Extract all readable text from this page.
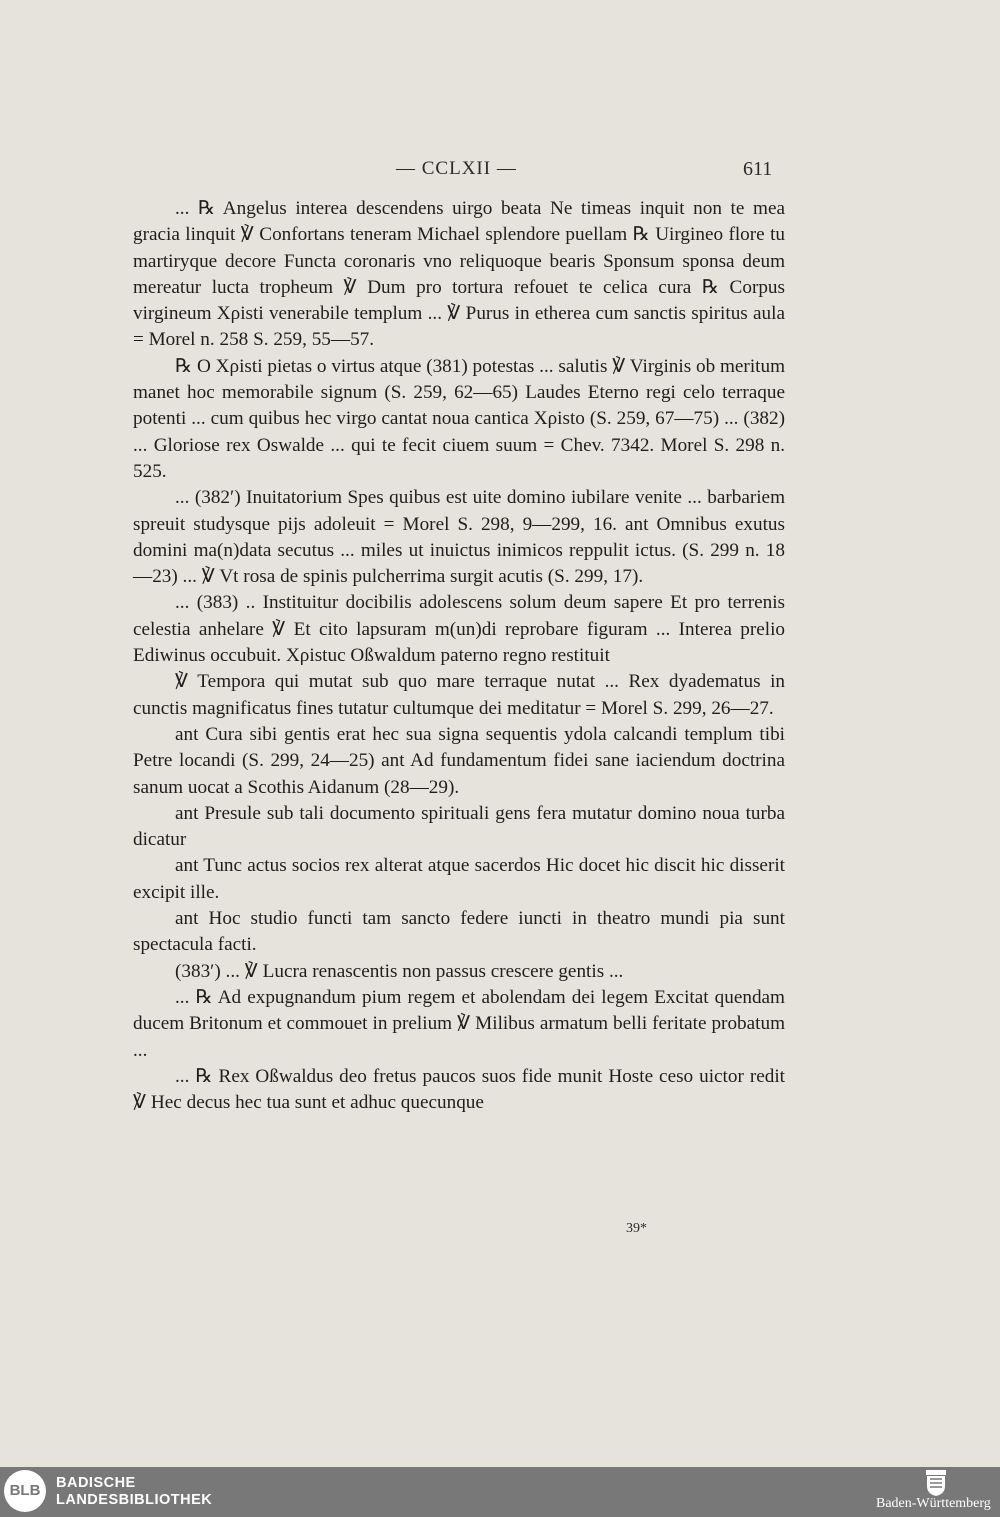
— CCLXII —	611

... ℞ Angelus interea descendens uirgo beata Ne timeas inquit non te mea gracia linquit ℣ Confortans teneram Michael splendore puellam ℞ Uirgineo flore tu martiryque decore Functa coronaris vno reliquoque bearis Sponsum sponsa deum mereatur lucta tropheum ℣ Dum pro tortura refouet te celica cura ℞ Corpus virgineum Xρisti venerabile templum ... ℣ Purus in etherea cum sanctis spiritus aula = Morel n. 258 S. 259, 55—57.

℞ O Xρisti pietas o virtus atque (381) potestas ... salutis ℣ Virginis ob meritum manet hoc memorabile signum (S. 259, 62—65) Laudes Eterno regi celo terraque potenti ... cum quibus hec virgo cantat noua cantica Xρisto (S. 259, 67—75) ... (382) ... Gloriose rex Oswalde ... qui te fecit ciuem suum = Chev. 7342. Morel S. 298 n. 525.

... (382′) Inuitatorium Spes quibus est uite domino iubilare venite ... barbariem spreuit studysque pijs adoleuit = Morel S. 298, 9—299, 16. ant Omnibus exutus domini ma(n)data secutus ... miles ut inuictus inimicos reppulit ictus. (S. 299 n. 18—23) ... ℣ Vt rosa de spinis pulcherrima surgit acutis (S. 299, 17).

... (383) .. Instituitur docibilis adolescens solum deum sapere Et pro terrenis celestia anhelare ℣ Et cito lapsuram m(un)di reprobare figuram ... Interea prelio Ediwinus occubuit. Xρistuc Oßwaldum paterno regno restituit

℣ Tempora qui mutat sub quo mare terraque nutat ... Rex dyadematus in cunctis magnificatus fines tutatur cultumque dei meditatur = Morel S. 299, 26—27.

ant Cura sibi gentis erat hec sua signa sequentis ydola calcandi templum tibi Petre locandi (S. 299, 24—25) ant Ad fundamentum fidei sane iaciendum doctrina sanum uocat a Scothis Aidanum (28—29).

ant Presule sub tali documento spirituali gens fera mutatur domino noua turba dicatur

ant Tunc actus socios rex alterat atque sacerdos Hic docet hic discit hic disserit excipit ille.

ant Hoc studio functi tam sancto federe iuncti in theatro mundi pia sunt spectacula facti.

(383′) ... ℣ Lucra renascentis non passus crescere gentis ...

... ℞ Ad expugnandum pium regem et abolendam dei legem Excitat quendam ducem Britonum et commouet in prelium ℣ Milibus armatum belli feritate probatum ...

... ℞ Rex Oßwaldus deo fretus paucos suos fide munit Hoste ceso uictor redit ℣ Hec decus hec tua sunt et adhuc quecunque

39*
BLB	BADISCHE
LANDESBIBLIOTHEK	Baden-Württemberg
